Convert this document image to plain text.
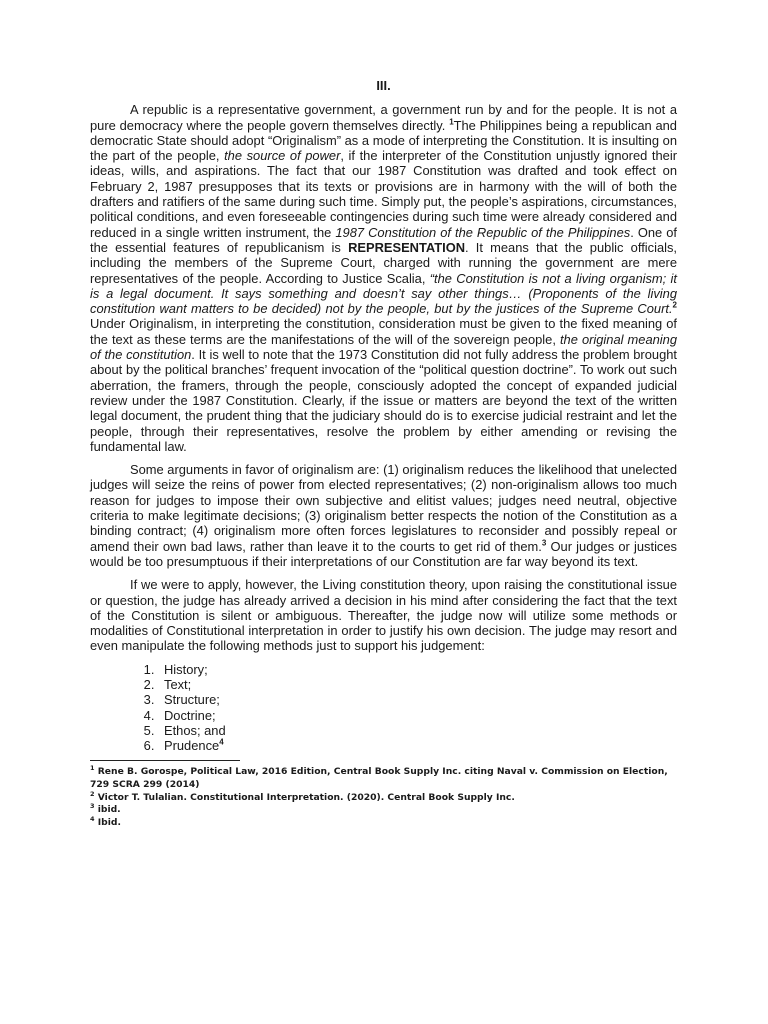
III.

A republic is a representative government, a government run by and for the people. It is not a pure democracy where the people govern themselves directly. $^1$The Philippines being a republican and democratic State should adopt “Originalism” as a mode of interpreting the Constitution. It is insulting on the part of the people, the source of power, if the interpreter of the Constitution unjustly ignored their ideas, wills, and aspirations. The fact that our 1987 Constitution was drafted and took effect on February 2, 1987 presupposes that its texts or provisions are in harmony with the will of both the drafters and ratifiers of the same during such time. Simply put, the people’s aspirations, circumstances, political conditions, and even foreseeable contingencies during such time were already considered and reduced in a single written instrument, the 1987 Constitution of the Republic of the Philippines. One of the essential features of republicanism is REPRESENTATION. It means that the public officials, including the members of the Supreme Court, charged with running the government are mere representatives of the people. According to Justice Scalia, “the Constitution is not a living organism; it is a legal document. It says something and doesn’t say other things… (Proponents of the living constitution want matters to be decided) not by the people, but by the justices of the Supreme Court.$^2$ Under Originalism, in interpreting the constitution, consideration must be given to the fixed meaning of the text as these terms are the manifestations of the will of the sovereign people, the original meaning of the constitution. It is well to note that the 1973 Constitution did not fully address the problem brought about by the political branches’ frequent invocation of the “political question doctrine”. To work out such aberration, the framers, through the people, consciously adopted the concept of expanded judicial review under the 1987 Constitution. Clearly, if the issue or matters are beyond the text of the written legal document, the prudent thing that the judiciary should do is to exercise judicial restraint and let the people, through their representatives, resolve the problem by either amending or revising the fundamental law.

Some arguments in favor of originalism are: (1) originalism reduces the likelihood that unelected judges will seize the reins of power from elected representatives; (2) non-originalism allows too much reason for judges to impose their own subjective and elitist values; judges need neutral, objective criteria to make legitimate decisions; (3) originalism better respects the notion of the Constitution as a binding contract; (4) originalism more often forces legislatures to reconsider and possibly repeal or amend their own bad laws, rather than leave it to the courts to get rid of them.$^3$ Our judges or justices would be too presumptuous if their interpretations of our Constitution are far way beyond its text.

If we were to apply, however, the Living constitution theory, upon raising the constitutional issue or question, the judge has already arrived a decision in his mind after considering the fact that the text of the Constitution is silent or ambiguous. Thereafter, the judge now will utilize some methods or modalities of Constitutional interpretation in order to justify his own decision. The judge may resort and even manipulate the following methods just to support his judgement:

1. History;
2. Text;
3. Structure;
4. Doctrine;
5. Ethos; and
6. Prudence$^4$
$^1$ Rene B. Gorospe, Political Law, 2016 Edition, Central Book Supply Inc. citing Naval v. Commission on Election, 729 SCRA 299 (2014)
$^2$ Victor T. Tulalian. Constitutional Interpretation. (2020). Central Book Supply Inc.
$^3$ ibid.
$^4$ Ibid.
